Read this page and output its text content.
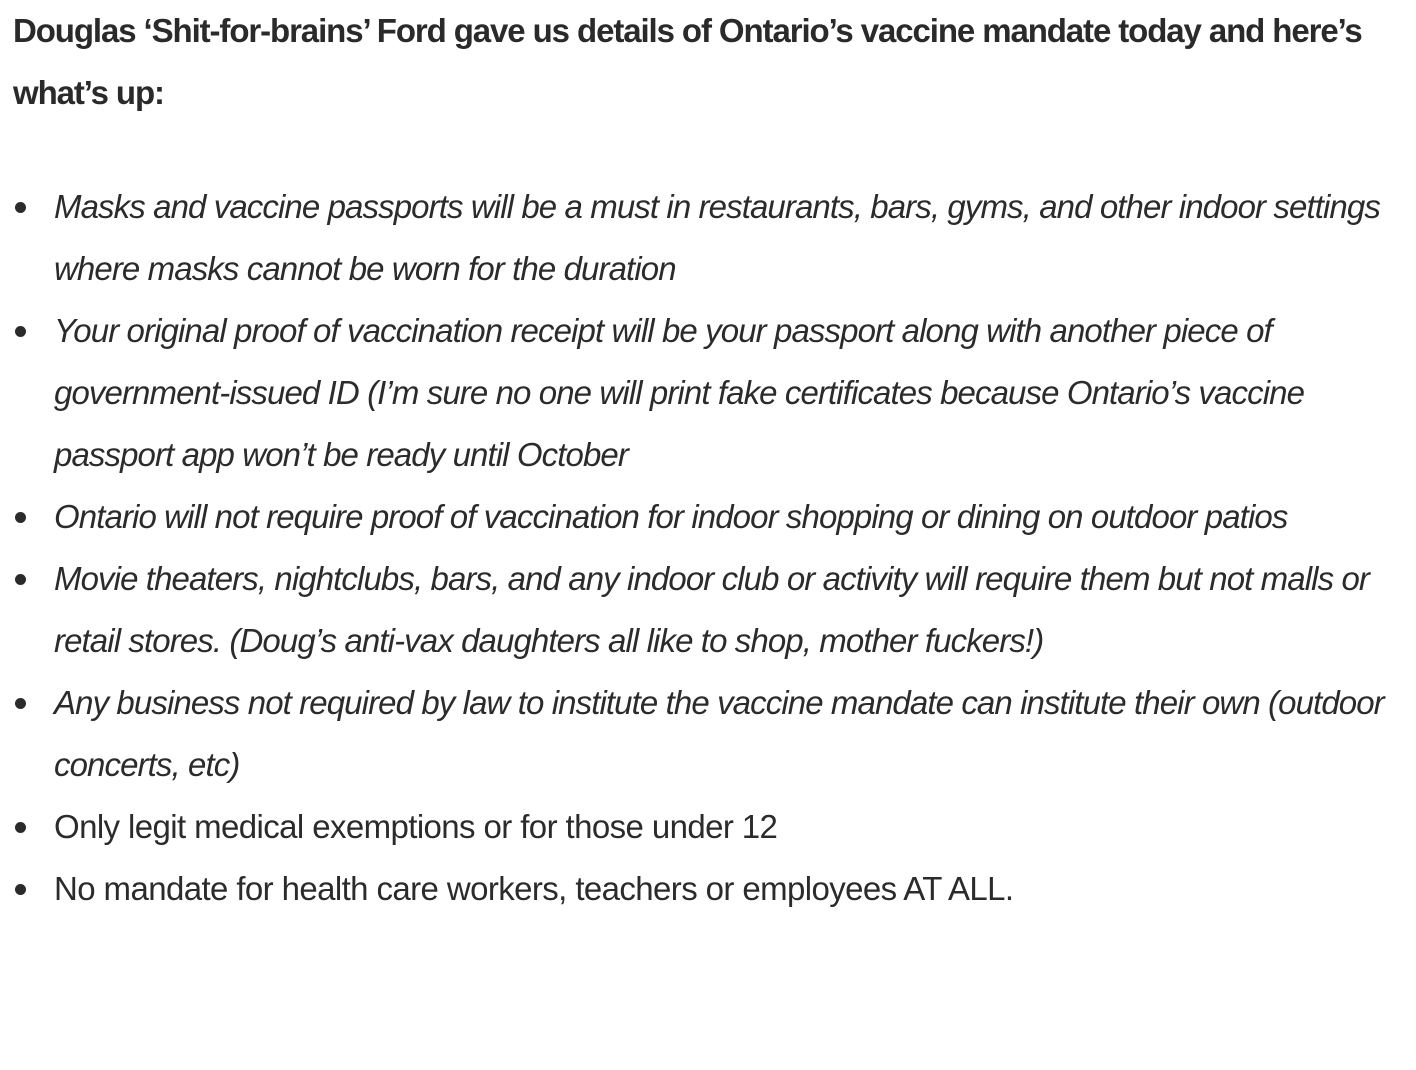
Douglas ‘Shit-for-brains’ Ford gave us details of Ontario’s vaccine mandate today and here’s what’s up:

Masks and vaccine passports will be a must in restaurants, bars, gyms, and other indoor settings where masks cannot be worn for the duration
Your original proof of vaccination receipt will be your passport along with another piece of government-issued ID (I’m sure no one will print fake certificates because Ontario’s vaccine passport app won’t be ready until October
Ontario will not require proof of vaccination for indoor shopping or dining on outdoor patios
Movie theaters, nightclubs, bars, and any indoor club or activity will require them but not malls or retail stores. (Doug’s anti-vax daughters all like to shop, mother fuckers!)
Any business not required by law to institute the vaccine mandate can institute their own (outdoor concerts, etc)
Only legit medical exemptions or for those under 12
No mandate for health care workers, teachers or employees AT ALL.
